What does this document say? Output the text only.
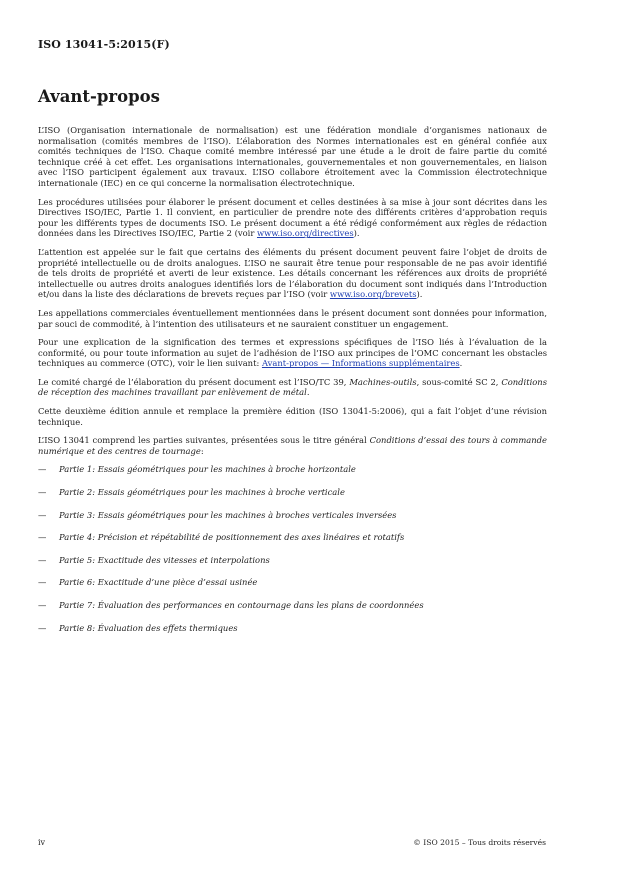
ISO 13041-5:2015(F)
Avant-propos

L’ISO (Organisation internationale de normalisation) est une fédération mondiale d’organismes nationaux de normalisation (comités membres de l’ISO). L’élaboration des Normes internationales est en général confiée aux comités techniques de l’ISO. Chaque comité membre intéressé par une étude a le droit de faire partie du comité technique créé à cet effet. Les organisations internationales, gouvernementales et non gouvernementales, en liaison avec l’ISO participent également aux travaux. L’ISO collabore étroitement avec la Commission électrotechnique internationale (IEC) en ce qui concerne la normalisation électrotechnique.

Les procédures utilisées pour élaborer le présent document et celles destinées à sa mise à jour sont décrites dans les Directives ISO/IEC, Partie 1. Il convient, en particulier de prendre note des différents critères d’approbation requis pour les différents types de documents ISO. Le présent document a été rédigé conformément aux règles de rédaction données dans les Directives ISO/IEC, Partie 2 (voir www.iso.org/directives).

L’attention est appelée sur le fait que certains des éléments du présent document peuvent faire l’objet de droits de propriété intellectuelle ou de droits analogues. L’ISO ne saurait être tenue pour responsable de ne pas avoir identifié de tels droits de propriété et averti de leur existence. Les détails concernant les références aux droits de propriété intellectuelle ou autres droits analogues identifiés lors de l’élaboration du document sont indiqués dans l’Introduction et/ou dans la liste des déclarations de brevets reçues par l’ISO (voir www.iso.org/brevets).

Les appellations commerciales éventuellement mentionnées dans le présent document sont données pour information, par souci de commodité, à l’intention des utilisateurs et ne sauraient constituer un engagement.

Pour une explication de la signification des termes et expressions spécifiques de l’ISO liés à l’évaluation de la conformité, ou pour toute information au sujet de l’adhésion de l’ISO aux principes de l’OMC concernant les obstacles techniques au commerce (OTC), voir le lien suivant: Avant-propos — Informations supplémentaires.

Le comité chargé de l’élaboration du présent document est l’ISO/TC 39, Machines-outils, sous-comité SC 2, Conditions de réception des machines travaillant par enlèvement de métal.

Cette deuxième édition annule et remplace la première édition (ISO 13041-5:2006), qui a fait l’objet d’une révision technique.

L’ISO 13041 comprend les parties suivantes, présentées sous le titre général Conditions d’essai des tours à commande numérique et des centres de tournage:

— Partie 1: Essais géométriques pour les machines à broche horizontale
— Partie 2: Essais géométriques pour les machines à broche verticale
— Partie 3: Essais géométriques pour les machines à broches verticales inversées
— Partie 4: Précision et répétabilité de positionnement des axes linéaires et rotatifs
— Partie 5: Exactitude des vitesses et interpolations
— Partie 6: Exactitude d’une pièce d’essai usinée
— Partie 7: Évaluation des performances en contournage dans les plans de coordonnées
— Partie 8: Évaluation des effets thermiques
iv	© ISO 2015 – Tous droits réservés
